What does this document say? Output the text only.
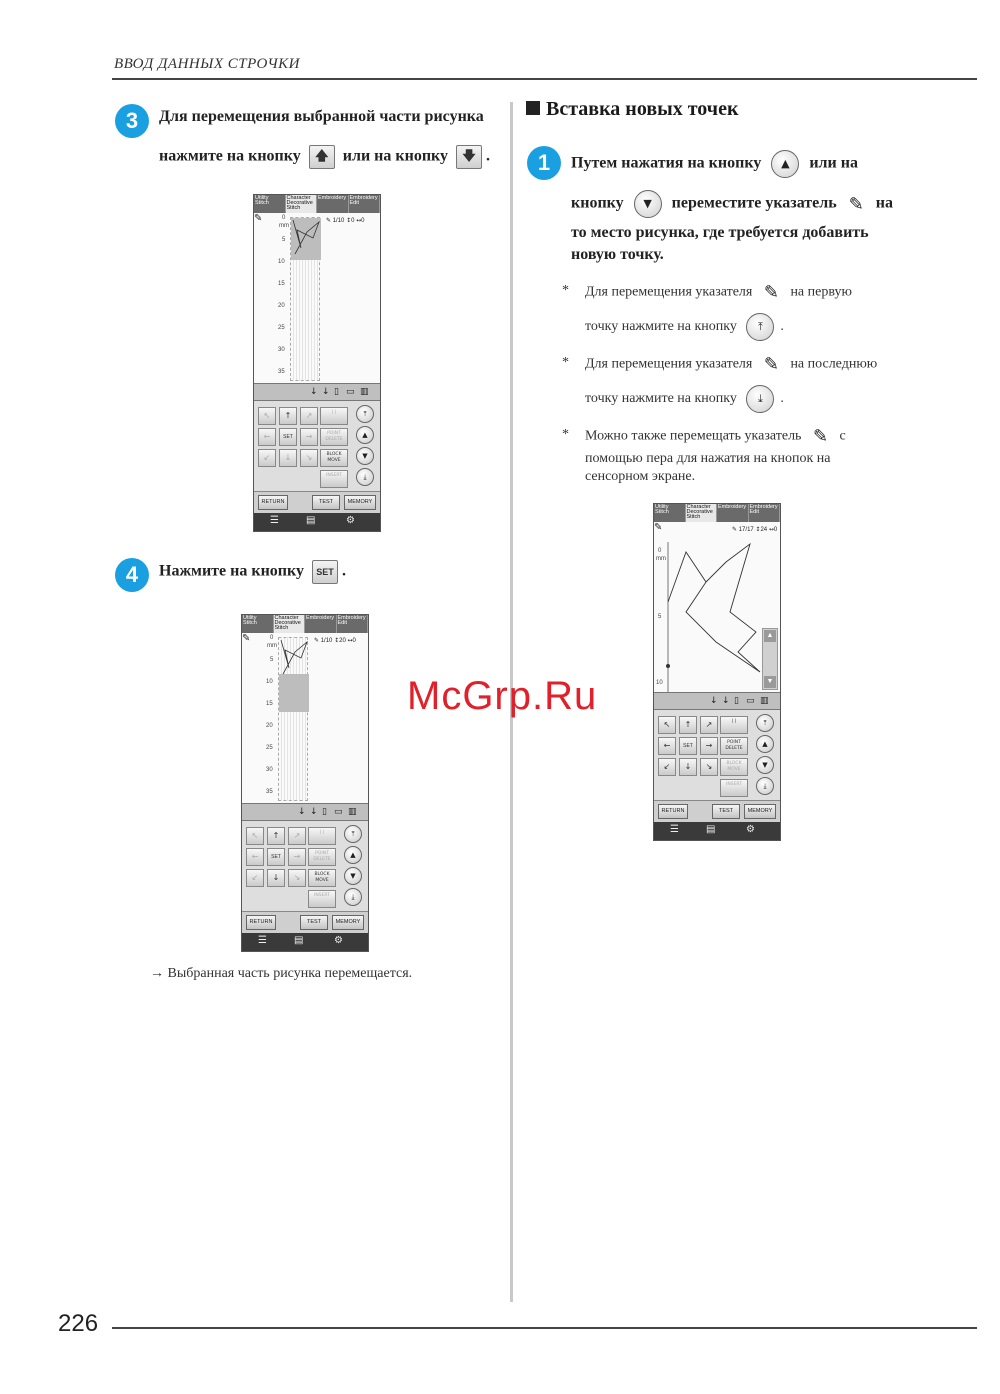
ВВОД ДАННЫХ СТРОЧКИ
3	Для перемещения выбранной части рисунка
нажмите на кнопку 🡅 или на кнопку 🡇 .
Utility Stitch
Character Decorative Stitch
Embroidery Embroidery Edit
✎	0
mm
5
10
15
20
25
30
35
✎ 1/10 ↕0 ↔0
↓ ↓ ▯ ▭ ▥
↖	↑	↗
←	SET	→
↙	↓	↘
| |
POINT DELETE
BLOCK MOVE
INSERT
⤒
▲
▼
⤓
RETURN	TEST	MEMORY
☰	▤	⚙
4	Нажмите на кнопку SET .
Utility Stitch
Character Decorative Stitch
Embroidery Embroidery Edit
✎	0
mm
5
10
15
20
25
30
35
✎ 1/10 ↕20 ↔0
↓ ↓ ▯ ▭ ▥
↖	↑	↗
←	SET	→
↙	↓	↘
| |
POINT DELETE
BLOCK MOVE
INSERT
⤒
▲
▼
⤓
RETURN	TEST	MEMORY
☰	▤	⚙
→ Выбранная часть рисунка перемещается.
Вставка новых точек
1	Путем нажатия на кнопку ▲ или на
кнопку ▼ переместите указатель ✎ на
то место рисунка, где требуется добавить
новую точку.
* Для перемещения указателя ✎ на первую
точку нажмите на кнопку ⤒ .
* Для перемещения указателя ✎ на последнюю
точку нажмите на кнопку ⤓ .
* Можно также перемещать указатель ✎ с
помощью пера для нажатия на кнопок на
сенсорном экране.
Utility Stitch
Character Decorative Stitch
Embroidery Embroidery Edit
✎
0
mm
5
10
✎ 17/17 ↕24 ↔0
▲
▼
↓ ↓ ▯ ▭ ▥
↖	↑	↗
←	SET	→
↙	↓	↘
| |
POINT DELETE
BLOCK MOVE
INSERT
⤒
▲
▼
⤓
RETURN	TEST	MEMORY
☰	▤	⚙
McGrp.Ru
226
